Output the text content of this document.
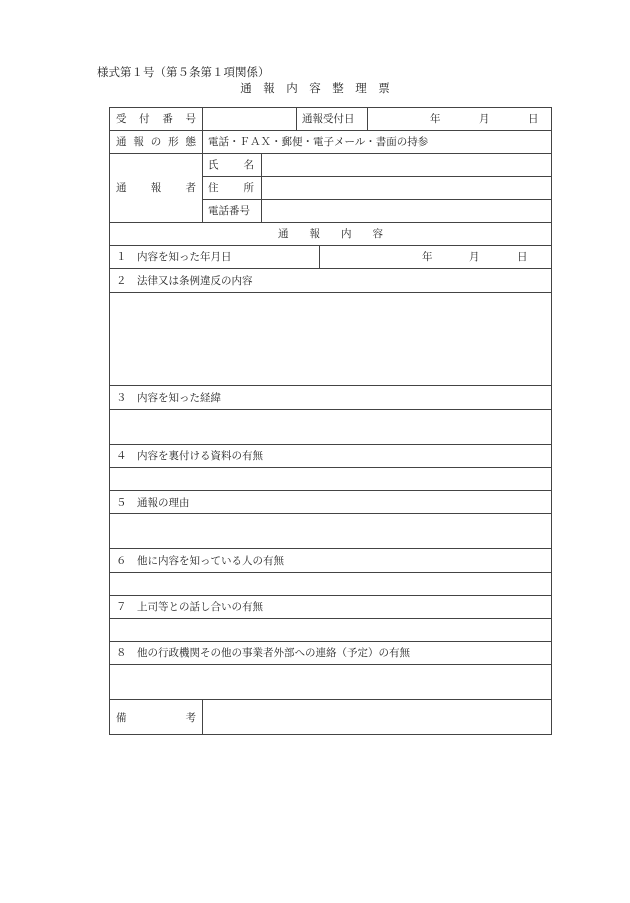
様式第１号（第５条第１項関係）
通　報　内　容　整　理　票
受 付 番 号	通報受付日	年	月	日
通 報 の 形 態 電話・ＦＡＸ・郵便・電子メール・書面の持参
通 報 者
氏 名
住 所
電話番号
通　　報　　内　　容
１　内容を知った年月日	年	月	日
２　法律又は条例違反の内容
３　内容を知った経緯
４　内容を裏付ける資料の有無
５　通報の理由
６　他に内容を知っている人の有無
７　上司等との話し合いの有無
８　他の行政機関その他の事業者外部への連絡（予定）の有無
備	考
